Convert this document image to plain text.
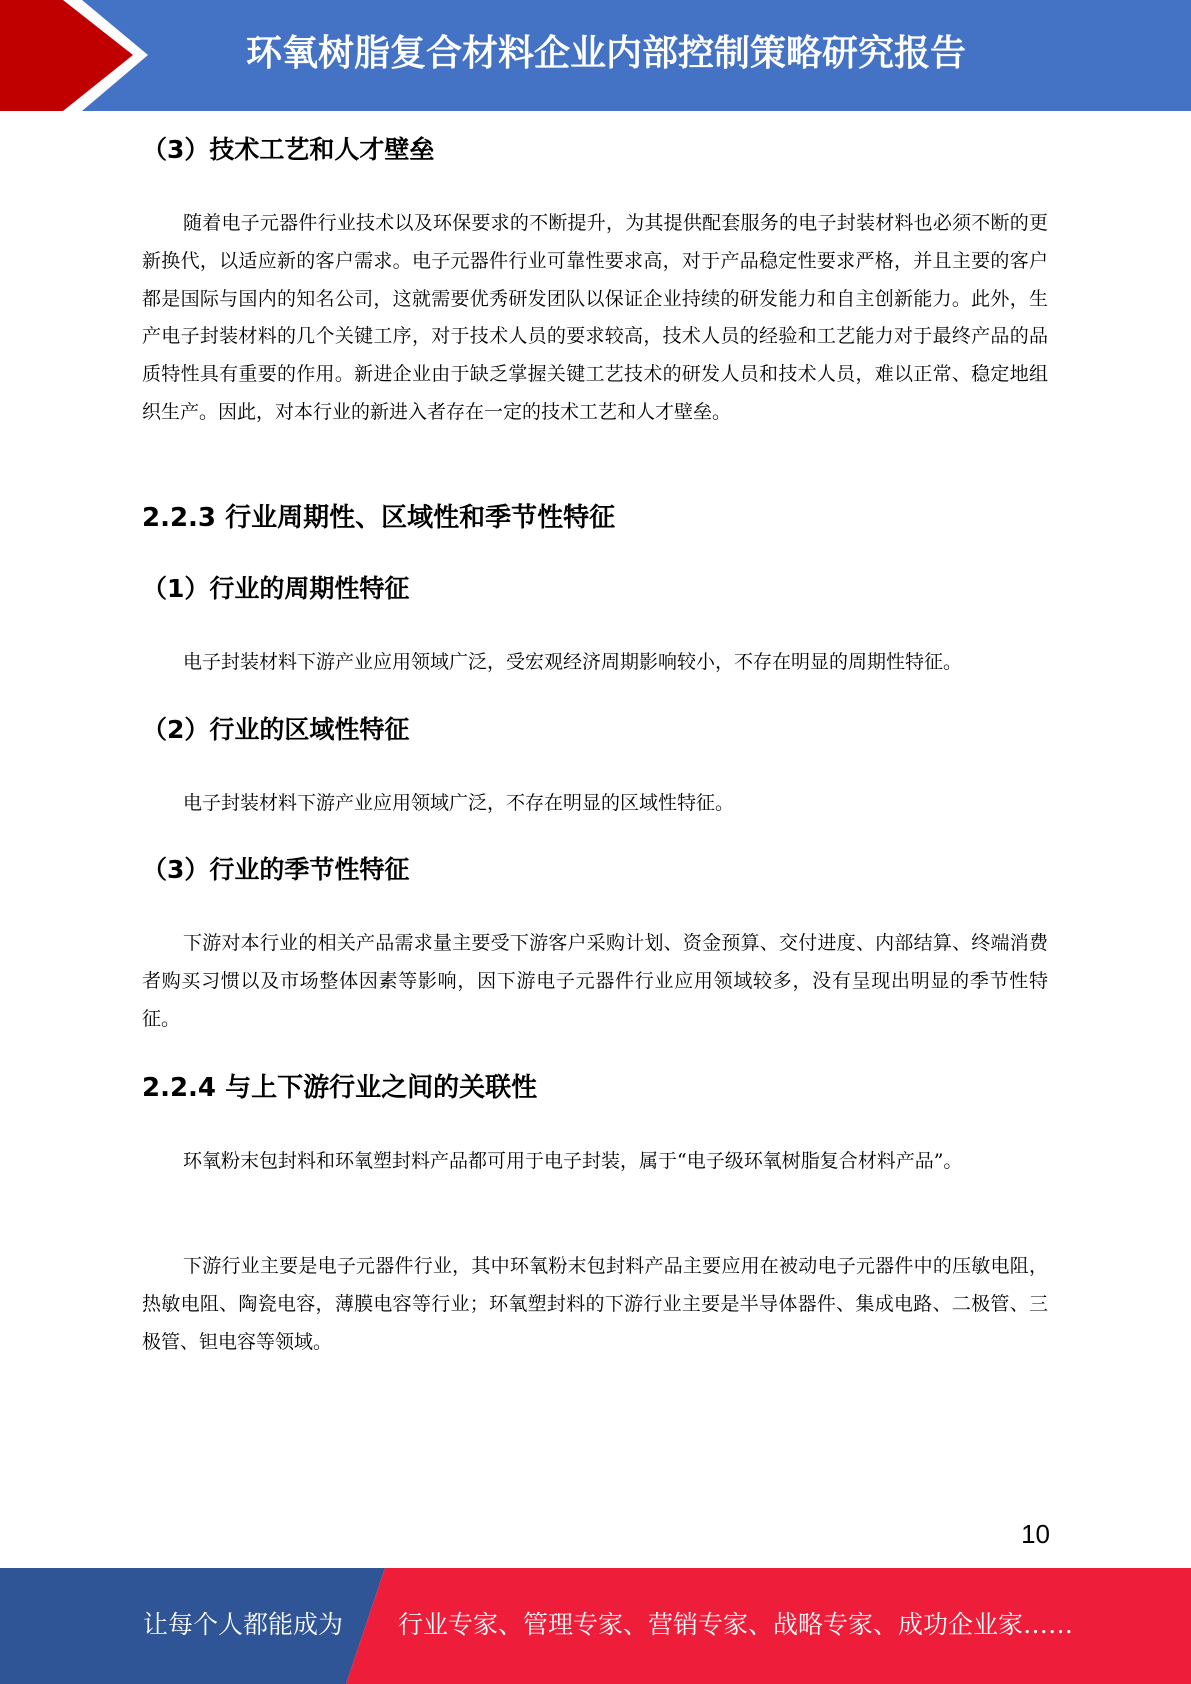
环氧树脂复合材料企业内部控制策略研究报告
（3）技术工艺和人才壁垒

随着电子元器件行业技术以及环保要求的不断提升，为其提供配套服务的电子封装材料也必须不断的更新换代，以适应新的客户需求。电子元器件行业可靠性要求高，对于产品稳定性要求严格，并且主要的客户都是国际与国内的知名公司，这就需要优秀研发团队以保证企业持续的研发能力和自主创新能力。此外，生产电子封装材料的几个关键工序，对于技术人员的要求较高，技术人员的经验和工艺能力对于最终产品的品质特性具有重要的作用。新进企业由于缺乏掌握关键工艺技术的研发人员和技术人员，难以正常、稳定地组织生产。因此，对本行业的新进入者存在一定的技术工艺和人才壁垒。

2.2.3 行业周期性、区域性和季节性特征
（1）行业的周期性特征

电子封装材料下游产业应用领域广泛，受宏观经济周期影响较小，不存在明显的周期性特征。

（2）行业的区域性特征

电子封装材料下游产业应用领域广泛，不存在明显的区域性特征。

（3）行业的季节性特征

下游对本行业的相关产品需求量主要受下游客户采购计划、资金预算、交付进度、内部结算、终端消费者购买习惯以及市场整体因素等影响，因下游电子元器件行业应用领域较多，没有呈现出明显的季节性特征。

2.2.4 与上下游行业之间的关联性

环氧粉末包封料和环氧塑封料产品都可用于电子封装，属于“电子级环氧树脂复合材料产品”。

下游行业主要是电子元器件行业，其中环氧粉末包封料产品主要应用在被动电子元器件中的压敏电阻，热敏电阻、陶瓷电容，薄膜电容等行业；环氧塑封料的下游行业主要是半导体器件、集成电路、二极管、三极管、钽电容等领域。

10
让每个人都能成为 行业专家、管理专家、营销专家、战略专家、成功企业家……
